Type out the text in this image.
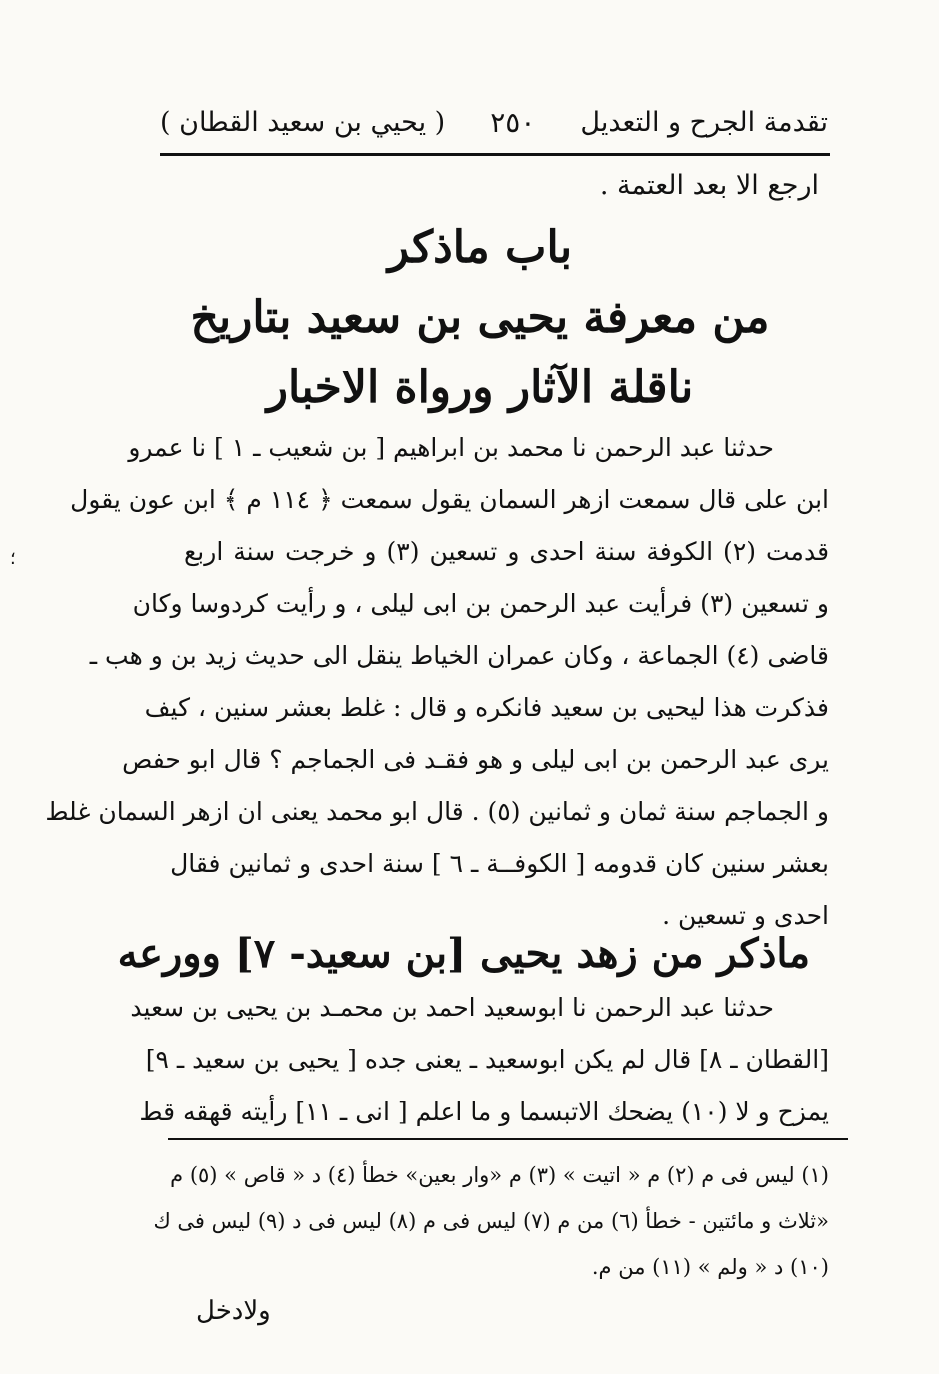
تقدمة الجرح و التعديل
٢٥٠
( يحيي بن سعيد القطان )
ارجع الا بعد العتمة .
باب ماذكر
من معرفة يحيى بن سعيد بتاريخ
ناقلة الآثار ورواة الاخبار
حدثنا عبد الرحمن نا محمد بن ابراهيم [ بن شعيب ـ ١ ] نا عمرو
ابن على قال سمعت ازهر السمان يقول سمعت ﴿ ١١٤ م ﴾ ابن عون يقول
قدمت (٢) الكوفة سنة احدى و تسعين (٣) و خرجت سنة اربع
و تسعين (٣) فرأيت عبد الرحمن بن ابى ليلى ، و رأيت كردوسا وكان
قاضى (٤) الجماعة ، وكان عمران الخياط ينقل الى حديث زيد بن و هب ـ
فذكرت هذا ليحيى بن سعيد فانكره و قال : غلط بعشر سنين ، كيف
يرى عبد الرحمن بن ابى ليلى و هو فقـد فى الجماجم ؟ قال ابو حفص
و الجماجم سنة ثمان و ثمانين (٥) . قال ابو محمد يعنى ان ازهر السمان غلط
بعشر سنين كان قدومه [ الكوفــة ـ ٦ ] سنة احدى و ثمانين فقال
احدى و تسعين .
ماذكر من زهد يحيى [بن سعيد- ٧] وورعه
حدثنا عبد الرحمن نا ابوسعيد احمد بن محمـد بن يحيى بن سعيد
[القطان ـ ٨] قال لم يكن ابوسعيد ـ يعنى جده [ يحيى بن سعيد ـ ٩]
يمزح و لا (١٠) يضحك الاتبسما و ما اعلم [ انى ـ ١١] رأيته قهقه قط
(١) ليس فى م (٢) م « اتيت » (٣) م «وار بعين» خطأ (٤) د « قاص » (٥) م
«ثلاث و مائتين - خطأ (٦) من م (٧) ليس فى م (٨) ليس فى د (٩) ليس فى ك
(١٠) د « ولم » (١١) من م.
ولادخل
؛
